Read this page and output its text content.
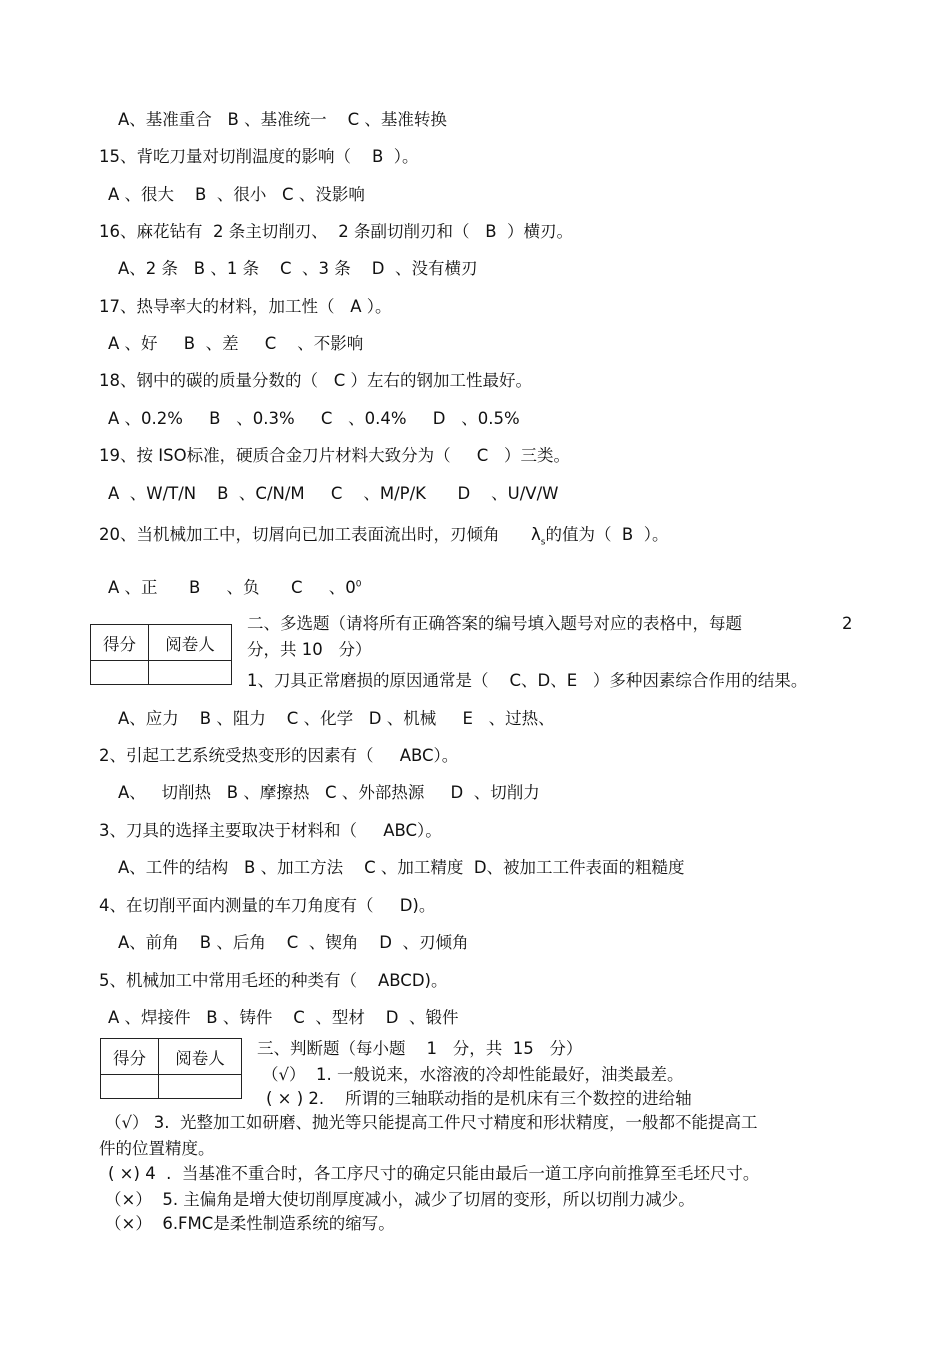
A、基准重合   B 、基准统一    C 、基准转换
15、背吃刀量对切削温度的影响（    B  ）。
A 、很大    B  、很小   C 、没影响
16、麻花钻有  2 条主切削刃、  2 条副切削刃和（   B  ）横刃。
A、2 条   B 、1 条    C  、3 条    D  、没有横刃
17、热导率大的材料，加工性（   A ）。
A 、好     B  、差     C    、不影响
18、钢中的碳的质量分数的（   C ）左右的钢加工性最好。
A 、0.2%     B   、0.3%     C   、0.4%     D   、0.5%
19、按 ISO标准，硬质合金刀片材料大致分为（     C   ）三类。
A  、W/T/N    B  、C/N/M     C    、M/P/K      D    、U/V/W
20、当机械加工中，切屑向已加工表面流出时，刃倾角      $\lambda_s$的值为（  B  ）。
A 、正      B     、负      C     、$0^0$
得分	阅卷人

二、多选题（请将所有正确答案的编号填入题号对应的表格中，每题	2
分，共 10   分）
1、刀具正常磨损的原因通常是（    C、D、E   ）多种因素综合作用的结果。
A、应力    B 、阻力    C 、化学   D 、机械     E   、过热、
2、引起工艺系统受热变形的因素有（     ABC）。
A、   切削热   B 、摩擦热   C 、外部热源     D  、切削力
3、刀具的选择主要取决于材料和（     ABC）。
A、工件的结构   B 、加工方法    C 、加工精度  D、被加工工件表面的粗糙度
4、在切削平面内测量的车刀角度有（     D)。
A、前角    B 、后角    C  、锲角    D  、刃倾角
5、机械加工中常用毛坯的种类有（    ABCD)。
A 、焊接件   B 、铸件    C  、型材    D  、锻件
得分	阅卷人
	三、判断题（每小题    1   分，共  15   分）
（√）  1. 一般说来，水溶液的冷却性能最好，油类最差。
( × ) 2.    所谓的三轴联动指的是机床有三个数控的进给轴
（√） 3.  光整加工如研磨、抛光等只能提高工件尺寸精度和形状精度，一般都不能提高工
件的位置精度。
( ×) 4  .  当基准不重合时，各工序尺寸的确定只能由最后一道工序向前推算至毛坯尺寸。
（×）  5. 主偏角是增大使切削厚度减小，减少了切屑的变形，所以切削力减少。
（×）  6.FMC是柔性制造系统的缩写。
